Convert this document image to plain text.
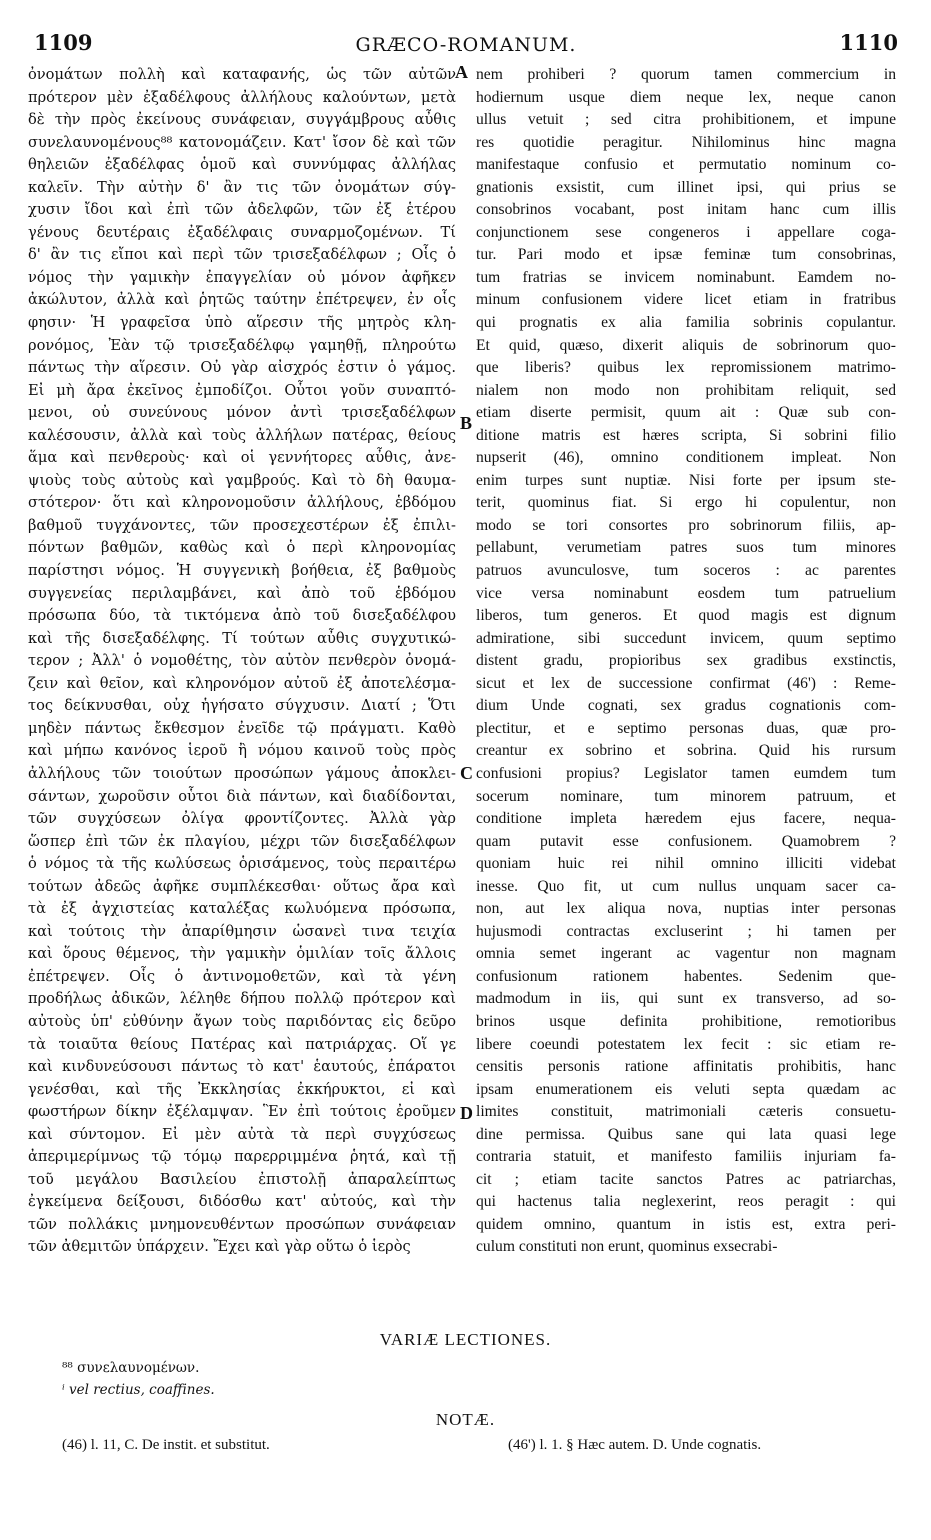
1109	GRÆCO-ROMANUM.	1110
ὀνομάτων πολλὴ καὶ καταφανής, ὡς τῶν αὐτῶν
πρότερον μὲν ἐξαδέλφους ἀλλήλους καλούντων, μετὰ
δὲ τὴν πρὸς ἐκείνους συνάφειαν, συγγάμβρους αὖθις
συνελαυνομένους⁸⁸ κατονομάζειν. Κατ' ἴσον δὲ καὶ τῶν
θηλειῶν ἐξαδέλφας ὁμοῦ καὶ συννύμφας ἀλλήλας
καλεῖν. Τὴν αὐτὴν δ' ἂν τις τῶν ὀνομάτων σύγ-
χυσιν ἴδοι καὶ ἐπὶ τῶν ἀδελφῶν, τῶν ἐξ ἑτέρου
γένους δευτέραις ἐξαδέλφαις συναρμοζομένων. Τί
δ' ἂν τις εἴποι καὶ περὶ τῶν τρισεξαδέλφων ; Οἷς ὁ
νόμος τὴν γαμικὴν ἐπαγγελίαν οὐ μόνον ἀφῆκεν
ἀκώλυτον, ἀλλὰ καὶ ῥητῶς ταύτην ἐπέτρεψεν, ἐν οἷς
φησιν· Ἡ γραφεῖσα ὑπὸ αἵρεσιν τῆς μητρὸς κλη-
ρονόμος, Ἐὰν τῷ τρισεξαδέλφῳ γαμηθῇ, πληρούτω
πάντως τὴν αἵρεσιν. Οὐ γὰρ αἰσχρός ἐστιν ὁ γάμος.
Εἰ μὴ ἄρα ἐκεῖνος ἐμποδίζοι. Οὗτοι γοῦν συναπτό-
μενοι, οὐ συνεύνους μόνον ἀντὶ τρισεξαδέλφων
καλέσουσιν, ἀλλὰ καὶ τοὺς ἀλλήλων πατέρας, θείους
ἅμα καὶ πενθεροὺς· καὶ οἱ γεννήτορες αὖθις, ἀνε-
ψιοὺς τοὺς αὐτοὺς καὶ γαμβρούς. Καὶ τὸ δὴ θαυμα-
στότερον· ὅτι καὶ κληρονομοῦσιν ἀλλήλους, ἑβδόμου
βαθμοῦ τυγχάνοντες, τῶν προσεχεστέρων ἐξ ἐπιλι-
πόντων βαθμῶν, καθὼς καὶ ὁ περὶ κληρονομίας
παρίστησι νόμος. Ἡ συγγενικὴ βοήθεια, ἐξ βαθμοὺς
συγγενείας περιλαμβάνει, καὶ ἀπὸ τοῦ ἑβδόμου
πρόσωπα δύο, τὰ τικτόμενα ἀπὸ τοῦ δισεξαδέλφου
καὶ τῆς δισεξαδέλφης. Τί τούτων αὖθις συγχυτικώ-
τερον ; Ἀλλ' ὁ νομοθέτης, τὸν αὐτὸν πενθερὸν ὀνομά-
ζειν καὶ θεῖον, καὶ κληρονόμον αὐτοῦ ἐξ ἀποτελέσμα-
τος δείκνυσθαι, οὐχ ἡγήσατο σύγχυσιν. Διατί ; Ὅτι
μηδὲν πάντως ἔκθεσμον ἐνεῖδε τῷ πράγματι. Καθὸ
καὶ μήπω κανόνος ἱεροῦ ἢ νόμου καινοῦ τοὺς πρὸς
ἀλλήλους τῶν τοιούτων προσώπων γάμους ἀποκλει-
σάντων, χωροῦσιν οὗτοι διὰ πάντων, καὶ διαδίδονται,
τῶν συγχύσεων ὀλίγα φροντίζοντες. Ἀλλὰ γὰρ
ὥσπερ ἐπὶ τῶν ἐκ πλαγίου, μέχρι τῶν δισεξαδέλφων
ὁ νόμος τὰ τῆς κωλύσεως ὁρισάμενος, τοὺς περαιτέρω
τούτων ἀδεῶς ἀφῆκε συμπλέκεσθαι· οὕτως ἄρα καὶ
τὰ ἐξ ἀγχιστείας καταλέξας κωλυόμενα πρόσωπα,
καὶ τούτοις τὴν ἀπαρίθμησιν ὡσανεὶ τινα τειχία
καὶ ὅρους θέμενος, τὴν γαμικὴν ὁμιλίαν τοῖς ἄλλοις
ἐπέτρεψεν. Οἷς ὁ ἀντινομοθετῶν, καὶ τὰ γένη
προδήλως ἀδικῶν, λέληθε δήπου πολλῷ πρότερον καὶ
αὐτοὺς ὑπ' εὐθύνην ἄγων τοὺς παριδόντας εἰς δεῦρο
τὰ τοιαῦτα θείους Πατέρας καὶ πατριάρχας. Οἵ γε
καὶ κινδυνεύσουσι πάντως τὸ κατ' ἑαυτούς, ἐπάρατοι
γενέσθαι, καὶ τῆς Ἐκκλησίας ἐκκήρυκτοι, εἰ καὶ
φωστήρων δίκην ἐξέλαμψαν. Ἓν ἐπὶ τούτοις ἐροῦμεν
καὶ σύντομον. Εἰ μὲν αὐτὰ τὰ περὶ συγχύσεως
ἀπεριμερίμνως τῷ τόμῳ παρερριμμένα ῥητά, καὶ τῇ
τοῦ μεγάλου Βασιλείου ἐπιστολῇ ἀπαραλείπτως
ἐγκείμενα δείξουσι, διδόσθω κατ' αὐτούς, καὶ τὴν
τῶν πολλάκις μνημονευθέντων προσώπων συνάφειαν
τῶν ἀθεμιτῶν ὑπάρχειν. Ἔχει καὶ γὰρ οὕτω ὁ ἱερὸς
nem prohiberi ? quorum tamen commercium in
hodiernum usque diem neque lex, neque canon
ullus vetuit ; sed citra prohibitionem, et impune
res quotidie peragitur. Nihilominus hinc magna
manifestaque confusio et permutatio nominum co-
gnationis exsistit, cum illinet ipsi, qui prius se
consobrinos vocabant, post initam hanc cum illis
conjunctionem sese congeneros i appellare coga-
tur. Pari modo et ipsæ feminæ tum consobrinas,
tum fratrias se invicem nominabunt. Eamdem no-
minum confusionem videre licet etiam in fratribus
qui prognatis ex alia familia sobrinis copulantur.
Et quid, quæso, dixerit aliquis de sobrinorum quo-
que liberis? quibus lex repromissionem matrimo-
nialem non modo non prohibitam reliquit, sed
etiam diserte permisit, quum ait : Quæ sub con-
ditione matris est hæres scripta, Si sobrini filio
nupserit (46), omnino conditionem impleat. Non
enim turpes sunt nuptiæ. Nisi forte per ipsum ste-
terit, quominus fiat. Si ergo hi copulentur, non
modo se tori consortes pro sobrinorum filiis, ap-
pellabunt, verumetiam patres suos tum minores
patruos avunculosve, tum soceros : ac parentes
vice versa nominabunt eosdem tum patruelium
liberos, tum generos. Et quod magis est dignum
admiratione, sibi succedunt invicem, quum septimo
distent gradu, propioribus sex gradibus exstinctis,
sicut et lex de successione confirmat (46') : Reme-
dium Unde cognati, sex gradus cognationis com-
plectitur, et e septimo personas duas, quæ pro-
creantur ex sobrino et sobrina. Quid his rursum
confusioni propius? Legislator tamen eumdem tum
socerum nominare, tum minorem patruum, et
conditione impleta hæredem ejus facere, nequa-
quam putavit esse confusionem. Quamobrem ?
quoniam huic rei nihil omnino illiciti videbat
inesse. Quo fit, ut cum nullus unquam sacer ca-
non, aut lex aliqua nova, nuptias inter personas
hujusmodi contractas excluserint ; hi tamen per
omnia semet ingerant ac vagentur non magnam
confusionum rationem habentes. Sedenim que-
madmodum in iis, qui sunt ex transverso, ad so-
brinos usque definita prohibitione, remotioribus
libere coeundi potestatem lex fecit : sic etiam re-
censitis personis ratione affinitatis prohibitis, hanc
ipsam enumerationem eis veluti septa quædam ac
limites constituit, matrimoniali cæteris consuetu-
dine permissa. Quibus sane qui lata quasi lege
contraria statuit, et manifesto familiis injuriam fa-
cit ; etiam tacite sanctos Patres ac patriarchas,
qui hactenus talia neglexerint, reos peragit : qui
quidem omnino, quantum in istis est, extra peri-
culum constituti non erunt, quominus exsecrabi-
A
B
C
D
VARIÆ LECTIONES.
⁸⁸ συνελαυνομένων.
ⁱ vel rectius, coaffines.
NOTÆ.
(46) l. 11, C. De instit. et substitut.	(46') l. 1. § Hæc autem. D. Unde cognatis.
